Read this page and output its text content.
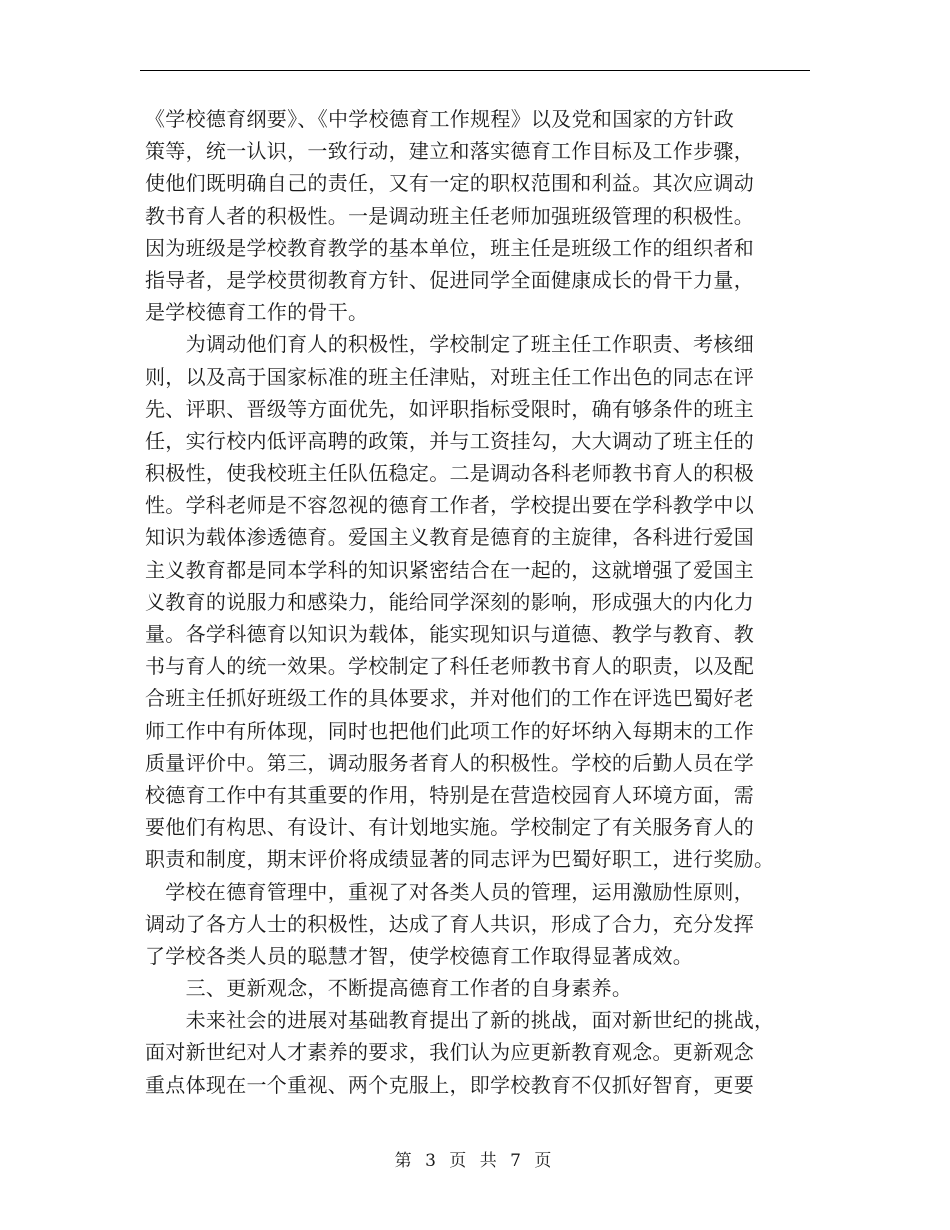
《学校德育纲要》、《中学校德育工作规程》以及党和国家的方针政
策等，统一认识，一致行动，建立和落实德育工作目标及工作步骤，
使他们既明确自己的责任，又有一定的职权范围和利益。其次应调动
教书育人者的积极性。一是调动班主任老师加强班级管理的积极性。
因为班级是学校教育教学的基本单位，班主任是班级工作的组织者和
指导者，是学校贯彻教育方针、促进同学全面健康成长的骨干力量，
是学校德育工作的骨干。
　　为调动他们育人的积极性，学校制定了班主任工作职责、考核细
则，以及高于国家标准的班主任津贴，对班主任工作出色的同志在评
先、评职、晋级等方面优先，如评职指标受限时，确有够条件的班主
任，实行校内低评高聘的政策，并与工资挂勾，大大调动了班主任的
积极性，使我校班主任队伍稳定。二是调动各科老师教书育人的积极
性。学科老师是不容忽视的德育工作者，学校提出要在学科教学中以
知识为载体渗透德育。爱国主义教育是德育的主旋律，各科进行爱国
主义教育都是同本学科的知识紧密结合在一起的，这就增强了爱国主
义教育的说服力和感染力，能给同学深刻的影响，形成强大的内化力
量。各学科德育以知识为载体，能实现知识与道德、教学与教育、教
书与育人的统一效果。学校制定了科任老师教书育人的职责，以及配
合班主任抓好班级工作的具体要求，并对他们的工作在评选巴蜀好老
师工作中有所体现，同时也把他们此项工作的好坏纳入每期末的工作
质量评价中。第三，调动服务者育人的积极性。学校的后勤人员在学
校德育工作中有其重要的作用，特别是在营造校园育人环境方面，需
要他们有构思、有设计、有计划地实施。学校制定了有关服务育人的
职责和制度，期末评价将成绩显著的同志评为巴蜀好职工，进行奖励。
　学校在德育管理中，重视了对各类人员的管理，运用激励性原则，
调动了各方人士的积极性，达成了育人共识，形成了合力，充分发挥
了学校各类人员的聪慧才智，使学校德育工作取得显著成效。
　　三、更新观念，不断提高德育工作者的自身素养。
　　未来社会的进展对基础教育提出了新的挑战，面对新世纪的挑战，
面对新世纪对人才素养的要求，我们认为应更新教育观念。更新观念
重点体现在一个重视、两个克服上，即学校教育不仅抓好智育，更要
第 3 页 共 7 页
